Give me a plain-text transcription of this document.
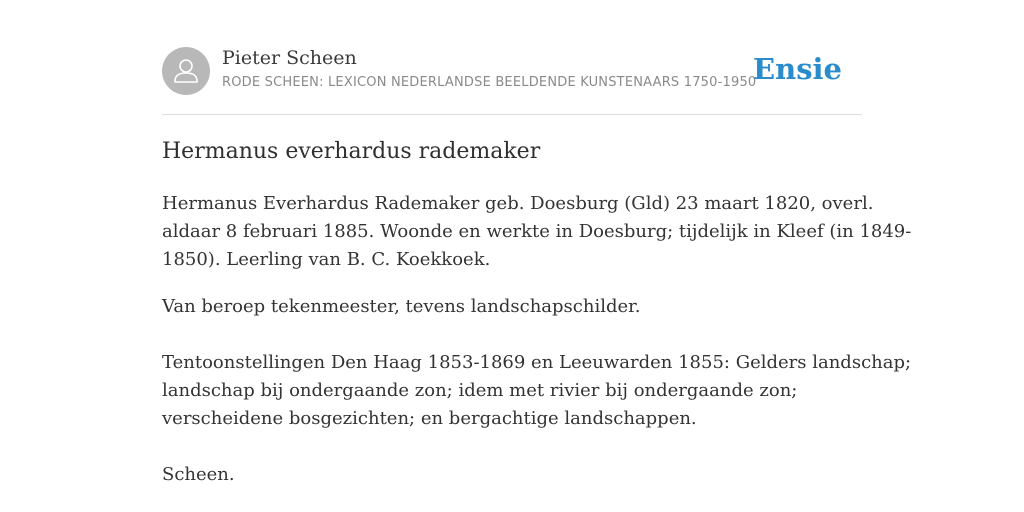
Pieter Scheen
RODE SCHEEN: LEXICON NEDERLANDSE BEELDENDE KUNSTENAARS 1750-1950
Ensie
Hermanus everhardus rademaker

Hermanus Everhardus Rademaker geb. Doesburg (Gld) 23 maart 1820, overl.
aldaar 8 februari 1885. Woonde en werkte in Doesburg; tijdelijk in Kleef (in 1849-
1850). Leerling van B. C. Koekkoek.

Van beroep tekenmeester, tevens landschapschilder.

Tentoonstellingen Den Haag 1853-1869 en Leeuwarden 1855: Gelders landschap;
landschap bij ondergaande zon; idem met rivier bij ondergaande zon;
verscheidene bosgezichten; en bergachtige landschappen.

Scheen.
